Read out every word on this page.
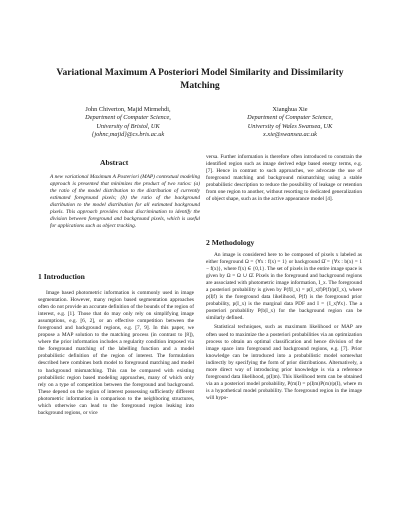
Variational Maximum A Posteriori Model Similarity and Dissimilarity Matching
John Chiverton, Majid Mirmehdi,
Department of Computer Science,
University of Bristol, UK
{johnc,majid}@cs.bris.ac.uk
Xianghua Xie
Department of Computer Science,
University of Wales Swansea, UK
x.xie@swansea.ac.uk
Abstract

A new variational Maximum A Posteriori (MAP) contextual modeling approach is presented that minimizes the product of two ratios: (a) the ratio of the model distribution to the distribution of currently estimated foreground pixels; (b) the ratio of the background distribution to the model distribution for all estimated background pixels. This approach provides robust discrimination to identify the division between foreground and background pixels, which is useful for applications such as object tracking.

1 Introduction

Image based photometric information is commonly used in image segmentation. However, many region based segmentation approaches often do not provide an accurate definition of the bounds of the region of interest, e.g. [1]. Those that do may only rely on simplifying image assumptions, e.g. [6, 2], or an effective competition between the foreground and background regions, e.g. [7, 9]. In this paper, we propose a MAP solution to the matching process (in contrast to [8]), where the prior information includes a regularity condition imposed via the foreground matching of the labelling function and a model probabilistic definition of the region of interest. The formulation described here combines both model to foreground matching and model to background mismatching. This can be compared with existing probabilistic region based modeling approaches, many of which only rely on a type of competition between the foreground and background. These depend on the region of interest possessing sufficiently different photometric information in comparison to the neighboring structures, which otherwise can lead to the foreground region leaking into background regions, or vice

versa. Further information is therefore often introduced to constrain the identified region such as image derived edge based energy terms, e.g. [7]. Hence in contrast to such approaches, we advocate the use of foreground matching and background mismatching using a stable probabilistic description to reduce the possibility of leakage or retention from one region to another, without resorting to dedicated generalization of object shape, such as in the active appearance model [4].

2 Methodology

An image is considered here to be composed of pixels x labeled as either foreground Ω = {∀x : f(x) = 1} or background Ω̄ = {∀x : b(x) = 1 − f(x)}, where f(x) ∈ {0,1}. The set of pixels in the entire image space is given by Ω = Ω ∪ Ω̄. Pixels in the foreground and background regions are associated with photometric image information, I_x. The foreground a posteriori probability is given by P(f|I_x) = p(I_x|f)P(f)/p(I_x), where p(I|f) is the foreground data likelihood, P(f) is the foreground prior probability, p(I_x) is the marginal data PDF and I = {I_x|∀x}. The a posteriori probability P(b|I_x) for the background region can be similarly defined.

Statistical techniques, such as maximum likelihood or MAP are often used to maximize the a posteriori probabilities via an optimization process to obtain an optimal classification and hence division of the image space into foreground and background regions, e.g. [7]. Prior knowledge can be introduced into a probabilistic model somewhat indirectly by specifying the form of prior distributions. Alternatively, a more direct way of introducing prior knowledge is via a reference foreground data likelihood, p(I|m). This likelihood term can be obtained via an a posteriori model probability, P(m|I) = p(I|m)P(m)/p(I), where m is a hypothetical model probability. The foreground region in the image will hypo-
